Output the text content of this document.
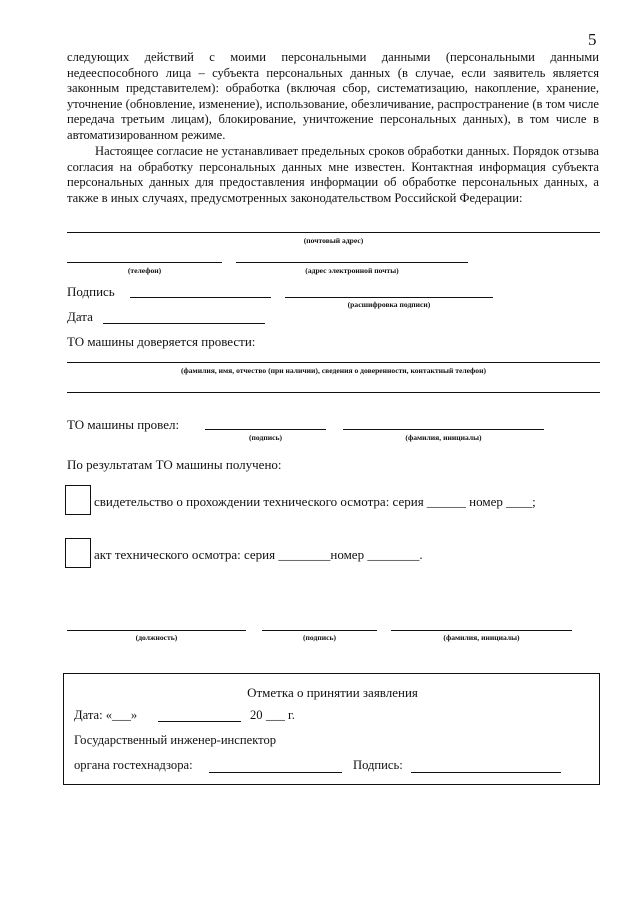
5

следующих действий с моими персональными данными (персональными данными недееспособного лица – субъекта персональных данных (в случае, если заявитель является законным представителем): обработка (включая сбор, систематизацию, накопление, хранение, уточнение (обновление, изменение), использование, обезличивание, распространение (в том числе передача третьим лицам), блокирование, уничтожение персональных данных), в том числе в автоматизированном режиме.

Настоящее согласие не устанавливает предельных сроков обработки данных. Порядок отзыва согласия на обработку персональных данных мне известен. Контактная информация субъекта персональных данных для предоставления информации об обработке персональных данных, а также в иных случаях, предусмотренных законодательством Российской Федерации:

(почтовый адрес)
(телефон)	(адрес электронной почты)
Подпись
(расшифровка подписи)
Дата
ТО машины доверяется провести:
(фамилия, имя, отчество (при наличии), сведения о доверенности, контактный телефон)
ТО машины провел:
(подпись)	(фамилия, инициалы)
По результатам ТО машины получено:
свидетельство о прохождении технического осмотра: серия ______ номер ____;
акт технического осмотра: серия ________номер ________.
(должность)	(подпись)	(фамилия, инициалы)
Отметка о принятии заявления
Дата: «___»	20 ___ г.
Государственный инженер-инспектор
органа гостехнадзора:	Подпись:
